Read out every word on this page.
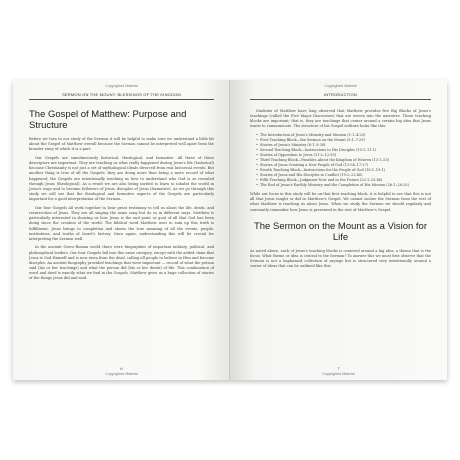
Copyrighted Material
SERMON ON THE MOUNT: BLESSINGS OF THE KINGDOM
The Gospel of Matthew: Purpose and Structure

Before we turn to our study of the Sermon it will be helpful to make sure we understand a little bit about the Gospel of Matthew overall because the Sermon cannot be interpreted well apart from the broader story of which it is a part.

Our Gospels are simultaneously historical, theological, and formative. All three of these descriptors are important. They are teaching us what really happened during Jesus's life (historical) because Christianity is not just a set of mythological ideals divorced from real historical events. But another thing is true of all the Gospels: they are doing more than being a mere record of what happened; the Gospels are intentionally teaching us how to understand who God is as revealed through Jesus (theological). As a result we are also being invited to learn to inhabit the world in Jesus's ways and to become followers of Jesus, disciples of Jesus (formative). As we go through this study we will see that the theological and formative aspects of the Gospels are particularly important for a good interpretation of the Sermon.

Our four Gospels all work together to bear great testimony to tell us about the life, death, and resurrection of Jesus. They are all singing the same song but do so in different ways. Matthew is particularly interested in showing us how Jesus is the end point or goal of all that God has been doing since the creation of the world. The biblical word Matthew uses to sum up this truth is fulfillment: Jesus brings to completion and shows the true meaning of all the events, people, institutions, and truths of Israel's history. Once again, understanding this will be crucial for interpreting the Sermon well.

In the ancient Greco-Roman world there were biographies of important military, political, and philosophical leaders. Our four Gospels fall into this same category, except with the added claim that Jesus is God Himself and is now risen from the dead, calling all people to believe in Him and become disciples. An ancient biography provided teachings that were important — record of what the person said (his or her teachings) and what the person did (his or her deeds) of life. This combination of word and deed is exactly what we find in the Gospels. Matthew gives us a huge collection of stories of the things Jesus did and said.

6
Copyrighted Material
Copyrighted Material
INTRODUCTION

Students of Matthew have long observed that Matthew provides five Big Blocks of Jesus's teachings (called the Five Major Discourses) that are woven into the narrative. These teaching blocks are important; that is, they are teachings that center around a certain big idea that Jesus wants to communicate. The structure of his Gospel outlines looks like this:

• The Introduction of Jesus's Ministry and Mission (1:1–4:25)
• First Teaching Block—the Sermon on the Mount (5:1–7:29)
• Stories of Jesus's Ministry (8:1–9:38)
• Second Teaching Block—Instructions to His Disciples (10:1–11:1)
• Stories of Opposition to Jesus (11:2–12:50)
• Third Teaching Block—Parables About the Kingdom of Heaven (13:1–53)
• Stories of Jesus Creating a New People of God (13:54–17:27)
• Fourth Teaching Block—Instructions for the People of God (18:1–19:1)
• Stories of Jesus and His Disciples in Conflict (19:2–22:46)
• Fifth Teaching Block—Judgment Now and in the Future (23:1–25:46)
• The End of Jesus's Earthly Ministry and the Completion of His Mission (26:1–28:20)

While our focus in this study will be on that first teaching block, it is helpful to see that this is not all that Jesus taught or did in Matthew's Gospel. We cannot isolate the Sermon from the rest of what Matthew is teaching us about Jesus. When we study the Sermon we should regularly and constantly remember how Jesus is presented in the rest of Matthew's Gospel.

The Sermon on the Mount as a Vision for Life

As noted above, each of Jesus's teaching blocks is centered around a big idea, a theme that is the focus. What theme or idea is central to the Sermon? To answer this we must first observe that the Sermon is not a haphazard collection of sayings but is structured very intentionally around a center of ideas that can be outlined like this.

7
Copyrighted Material
